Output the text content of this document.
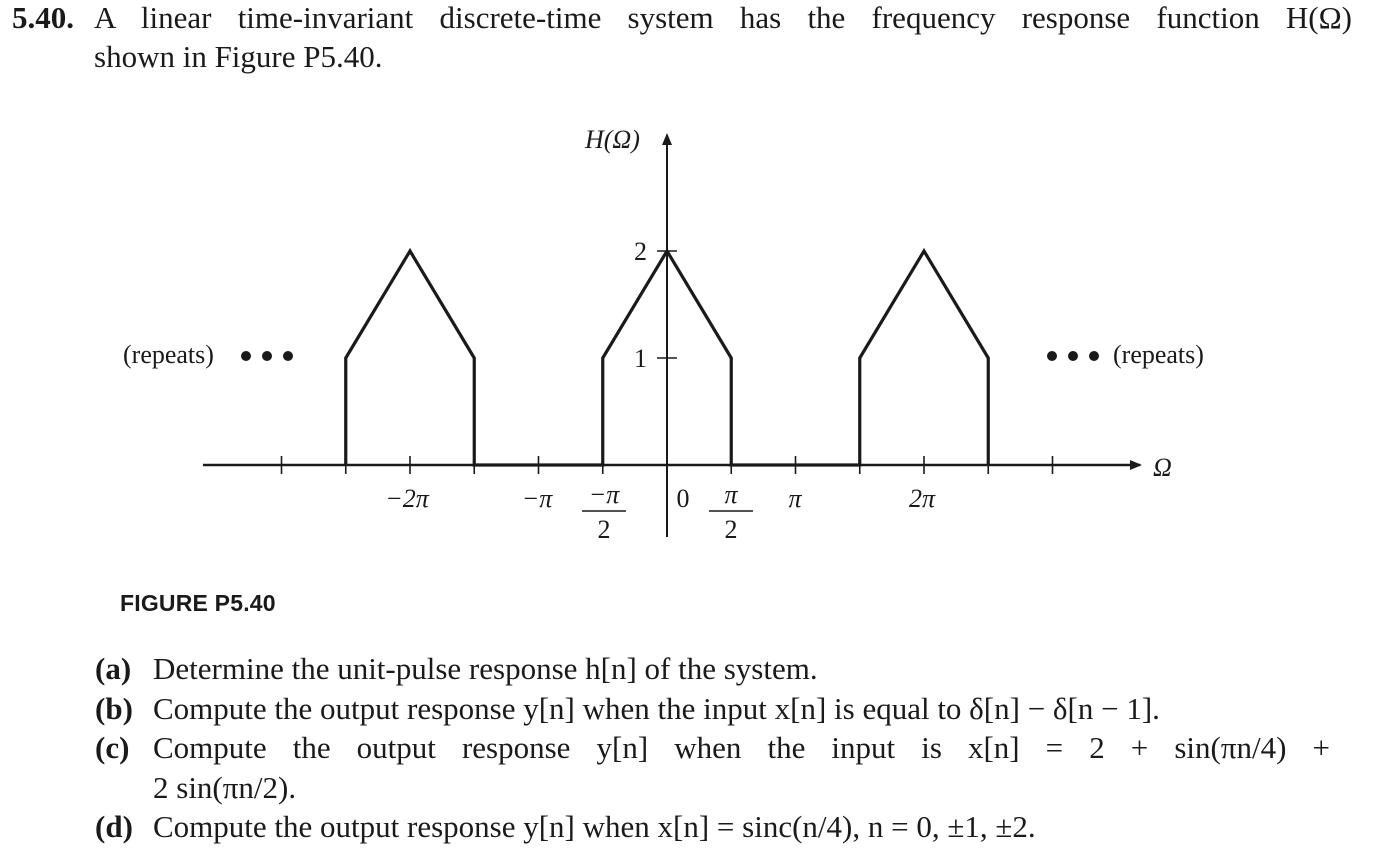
5.40. A linear time-invariant discrete-time system has the frequency response function H(Ω)
shown in Figure P5.40.
H(Ω)
Ω
2
1
−2π	−π −π
2
0 π
2
π	2π
(repeats)	(repeats)
FIGURE P5.40
(a) Determine the unit-pulse response h[n] of the system.
(b) Compute the output response y[n] when the input x[n] is equal to δ[n] − δ[n − 1].
(c) Compute the output response y[n] when the input is x[n] = 2 + sin(πn/4) +
2 sin(πn/2).
(d) Compute the output response y[n] when x[n] = sinc(n/4), n = 0, ±1, ±2.
